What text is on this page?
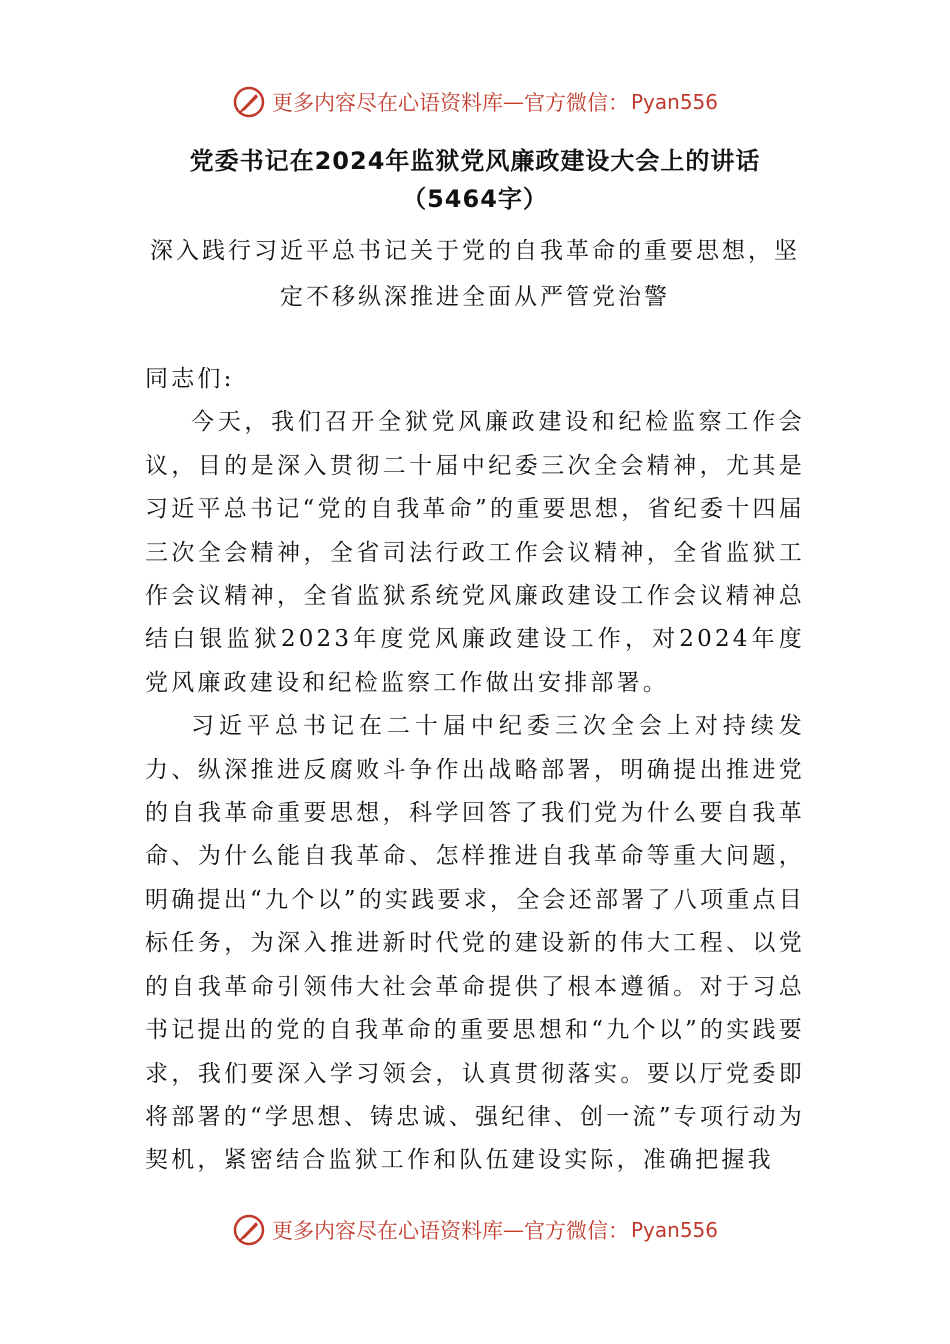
更多内容尽在心语资料库 — 官方微信： Pyan556
党委书记在2024年监狱党风廉政建设大会上的讲话（5464字）

深入践行习近平总书记关于党的自我革命的重要思想，坚定不移纵深推进全面从严管党治警

同志们:

今天，我们召开全狱党风廉政建设和纪检监察工作会议，目的是深入贯彻二十届中纪委三次全会精神，尤其是习近平总书记“党的自我革命”的重要思想，省纪委十四届三次全会精神，全省司法行政工作会议精神，全省监狱工作会议精神，全省监狱系统党风廉政建设工作会议精神总结白银监狱2023年度党风廉政建设工作，对2024年度党风廉政建设和纪检监察工作做出安排部署。

习近平总书记在二十届中纪委三次全会上对持续发力、纵深推进反腐败斗争作出战略部署，明确提出推进党的自我革命重要思想，科学回答了我们党为什么要自我革命、为什么能自我革命、怎样推进自我革命等重大问题，明确提出“九个以”的实践要求，全会还部署了八项重点目标任务，为深入推进新时代党的建设新的伟大工程、以党的自我革命引领伟大社会革命提供了根本遵循。对于习总书记提出的党的自我革命的重要思想和“九个以”的实践要求，我们要深入学习领会，认真贯彻落实。要以厅党委即将部署的“学思想、铸忠诚、强纪律、创一流”专项行动为契机，紧密结合监狱工作和队伍建设实际，准确把握我

更多内容尽在心语资料库 — 官方微信： Pyan556
